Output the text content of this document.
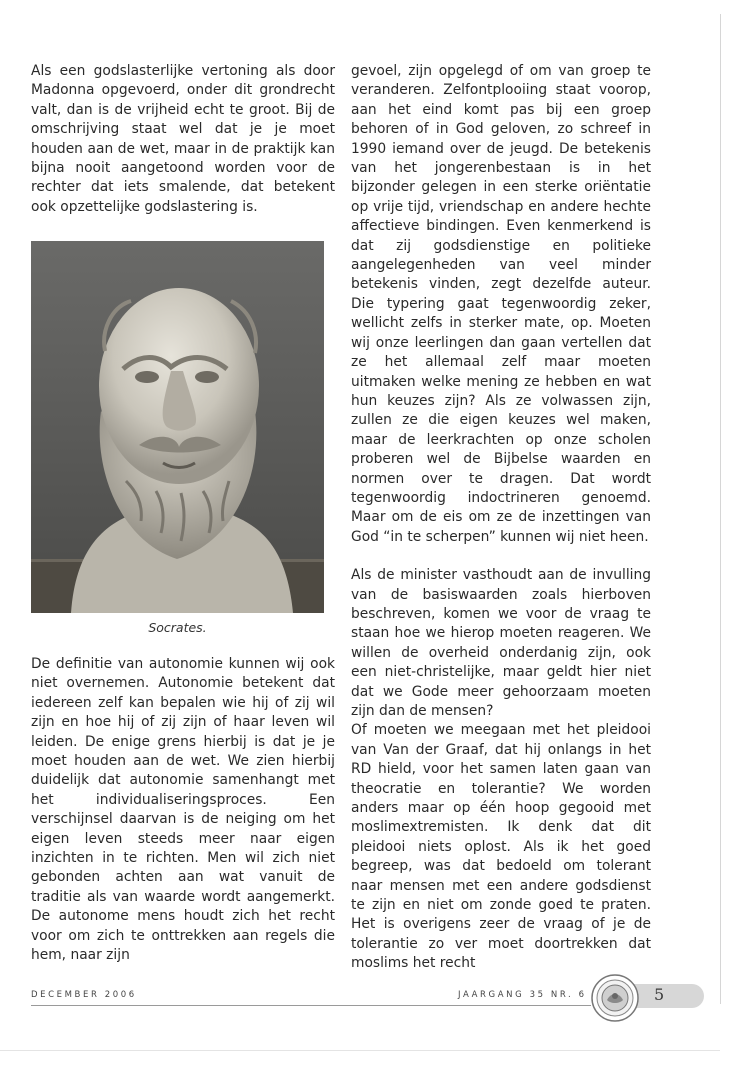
Als een godslasterlijke vertoning als door Madonna opgevoerd, onder dit grondrecht valt, dan is de vrijheid echt te groot. Bij de omschrijving staat wel dat je je moet houden aan de wet, maar in de praktijk kan bijna nooit aangetoond worden voor de rechter dat iets smalende, dat betekent ook opzettelijke godslastering is.

Socrates.

De definitie van autonomie kunnen wij ook niet overnemen. Autonomie betekent dat iedereen zelf kan bepalen wie hij of zij wil zijn en hoe hij of zij zijn of haar leven wil leiden. De enige grens hierbij is dat je je moet houden aan de wet. We zien hierbij duidelijk dat autonomie samenhangt met het individualiseringsproces. Een verschijnsel daarvan is de neiging om het eigen leven steeds meer naar eigen inzichten in te richten. Men wil zich niet gebonden achten aan wat vanuit de traditie als van waarde wordt aangemerkt. De autonome mens houdt zich het recht voor om zich te onttrekken aan regels die hem, naar zijn

gevoel, zijn opgelegd of om van groep te veranderen. Zelfontplooiing staat voorop, aan het eind komt pas bij een groep behoren of in God geloven, zo schreef in 1990 iemand over de jeugd. De betekenis van het jongerenbestaan is in het bijzonder gelegen in een sterke oriëntatie op vrije tijd, vriendschap en andere hechte affectieve bindingen. Even kenmerkend is dat zij godsdienstige en politieke aangelegenheden van veel minder betekenis vinden, zegt dezelfde auteur. Die typering gaat tegenwoordig zeker, wellicht zelfs in sterker mate, op. Moeten wij onze leerlingen dan gaan vertellen dat ze het allemaal zelf maar moeten uitmaken welke mening ze hebben en wat hun keuzes zijn? Als ze volwassen zijn, zullen ze die eigen keuzes wel maken, maar de leerkrachten op onze scholen proberen wel de Bijbelse waarden en normen over te dragen. Dat wordt tegenwoordig indoctrineren genoemd. Maar om de eis om ze de inzettingen van God “in te scherpen” kunnen wij niet heen.

Als de minister vasthoudt aan de invulling van de basiswaarden zoals hierboven beschreven, komen we voor de vraag te staan hoe we hierop moeten reageren. We willen de overheid onderdanig zijn, ook een niet-christelijke, maar geldt hier niet dat we Gode meer gehoorzaam moeten zijn dan de mensen?

Of moeten we meegaan met het pleidooi van Van der Graaf, dat hij onlangs in het RD hield, voor het samen laten gaan van theocratie en tolerantie? We worden anders maar op één hoop gegooid met moslimextremisten. Ik denk dat dit pleidooi niets oplost. Als ik het goed begreep, was dat bedoeld om tolerant naar mensen met een andere godsdienst te zijn en niet om zonde goed te praten. Het is overigens zeer de vraag of je de tolerantie zo ver moet doortrekken dat moslims het recht

DECEMBER 2006	JAARGANG 35 NR. 6	5
